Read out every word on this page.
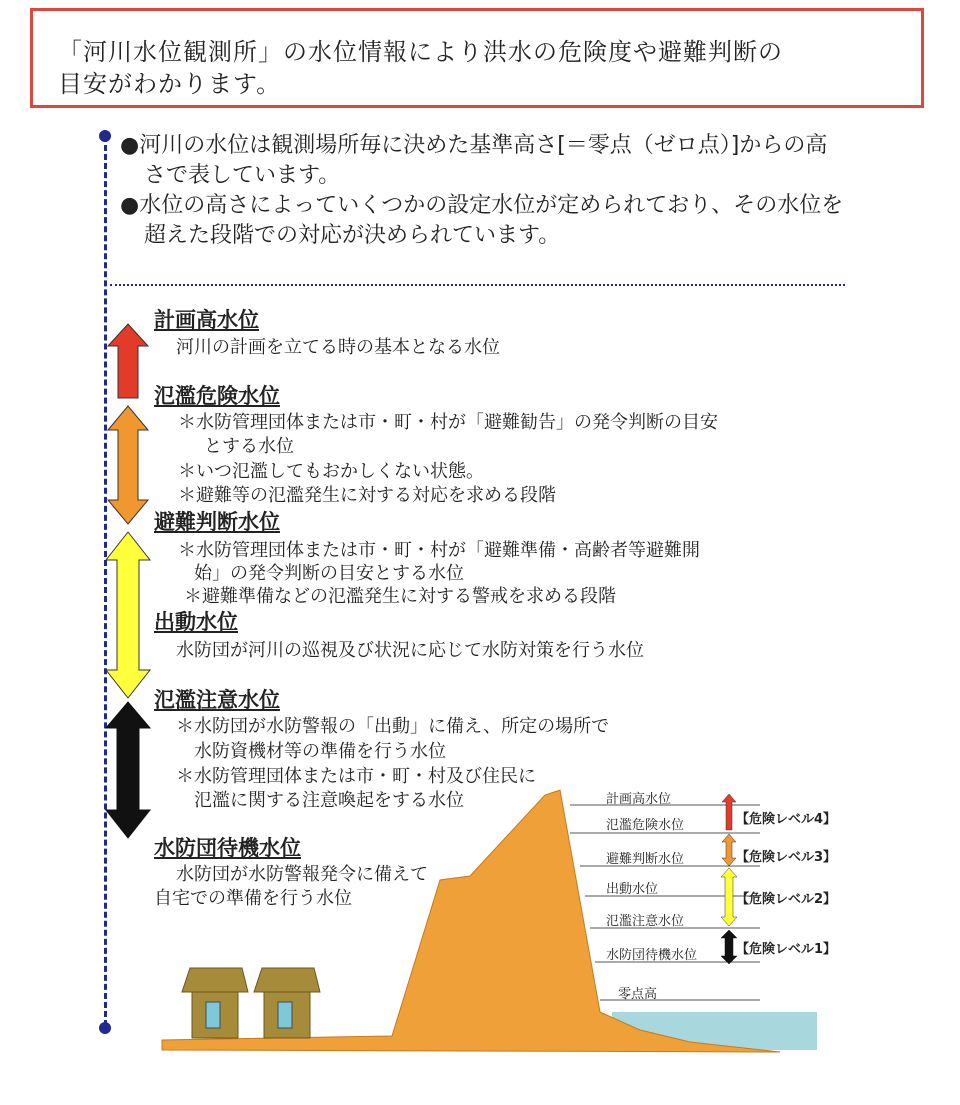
「河川水位観測所」の水位情報により洪水の危険度や避難判断の
目安がわかります。
●河川の水位は観測場所毎に決めた基準高さ[＝零点（ゼロ点）]からの高
さで表しています。
●水位の高さによっていくつかの設定水位が定められており、その水位を
超えた段階での対応が決められています。
計画高水位
河川の計画を立てる時の基本となる水位
氾濫危険水位
＊水防管理団体または市・町・村が「避難勧告」の発令判断の目安
とする水位
＊いつ氾濫してもおかしくない状態。
＊避難等の氾濫発生に対する対応を求める段階
避難判断水位
＊水防管理団体または市・町・村が「避難準備・高齢者等避難開
始」の発令判断の目安とする水位
＊避難準備などの氾濫発生に対する警戒を求める段階
出動水位
水防団が河川の巡視及び状況に応じて水防対策を行う水位
氾濫注意水位
＊水防団が水防警報の「出動」に備え、所定の場所で
水防資機材等の準備を行う水位
＊水防管理団体または市・町・村及び住民に
氾濫に関する注意喚起をする水位
水防団待機水位
水防団が水防警報発令に備えて
自宅での準備を行う水位
計画高水位
氾濫危険水位
避難判断水位
出動水位
氾濫注意水位
水防団待機水位
零点高
【危険レベル4】
【危険レベル3】
【危険レベル2】
【危険レベル1】
